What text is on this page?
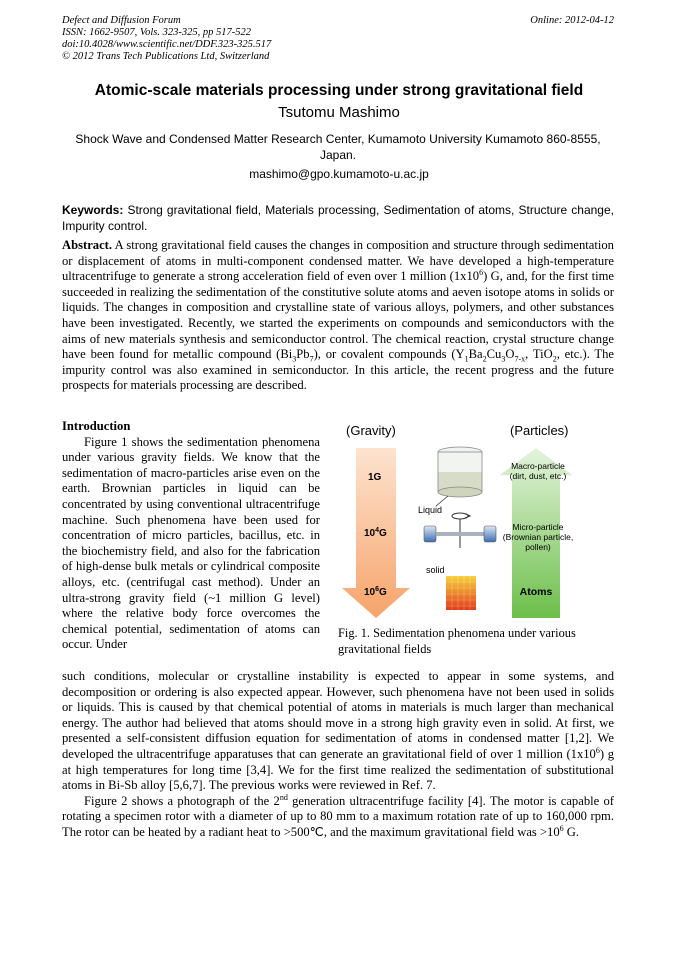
Defect and Diffusion Forum
ISSN: 1662-9507, Vols. 323-325, pp 517-522
doi:10.4028/www.scientific.net/DDF.323-325.517
© 2012 Trans Tech Publications Ltd, Switzerland
Online: 2012-04-12
Atomic-scale materials processing under strong gravitational field
Tsutomu Mashimo
Shock Wave and Condensed Matter Research Center, Kumamoto University Kumamoto 860-8555, Japan.
mashimo@gpo.kumamoto-u.ac.jp
Keywords: Strong gravitational field, Materials processing, Sedimentation of atoms, Structure change, Impurity control.
Abstract. A strong gravitational field causes the changes in composition and structure through sedimentation or displacement of atoms in multi-component condensed matter. We have developed a high-temperature ultracentrifuge to generate a strong acceleration field of even over 1 million $(1x10^6)$ G, and, for the first time succeeded in realizing the sedimentation of the constitutive solute atoms and aeven isotope atoms in solids or liquids. The changes in composition and crystalline state of various alloys, polymers, and other substances have been investigated. Recently, we started the experiments on compounds and semiconductors with the aims of new materials synthesis and semiconductor control. The chemical reaction, crystal structure change have been found for metallic compound $(Bi_3Pb_7)$, or covalent compounds ($Y_1Ba_2Cu_3O_{7-x}$, TiO$_2$, etc.). The impurity control was also examined in semiconductor. In this article, the recent progress and the future prospects for materials processing are described.
Introduction

Figure 1 shows the sedimentation phenomena under various gravity fields. We know that the sedimentation of macro-particles arise even on the earth. Brownian particles in liquid can be concentrated by using conventional ultracentrifuge machine. Such phenomena have been used for concentration of micro particles, bacillus, etc. in the biochemistry field, and also for the fabrication of high-dense bulk metals or cylindrical composite alloys, etc. (centrifugal cast method). Under an ultra-strong gravity field (~1 million G level) where the relative body force overcomes the chemical potential, sedimentation of atoms can occur. Under

(Gravity)	(Particles)
1G
$10^4G$
$10^6G$
Macro-particle
(dirt, dust, etc.)
Micro-particle
(Brownian particle,
pollen)
Atoms
Liquid
solid
Fig. 1. Sedimentation phenomena under various gravitational fields

such conditions, molecular or crystalline instability is expected to appear in some systems, and decomposition or ordering is also expected appear. However, such phenomena have not been used in solids or liquids. This is caused by that chemical potential of atoms in materials is much larger than mechanical energy. The author had believed that atoms should move in a strong high gravity even in solid. At first, we presented a self-consistent diffusion equation for sedimentation of atoms in condensed matter [1,2]. We developed the ultracentrifuge apparatuses that can generate an gravitational field of over 1 million $(1x10^6)$ g at high temperatures for long time [3,4]. We for the first time realized the sedimentation of substitutional atoms in Bi-Sb alloy [5,6,7]. The previous works were reviewed in Ref. 7.

Figure 2 shows a photograph of the 2nd generation ultracentrifuge facility [4]. The motor is capable of rotating a specimen rotor with a diameter of up to 80 mm to a maximum rotation rate of up to 160,000 rpm. The rotor can be heated by a radiant heat to >500℃, and the maximum gravitational field was $>10^6$ G.
